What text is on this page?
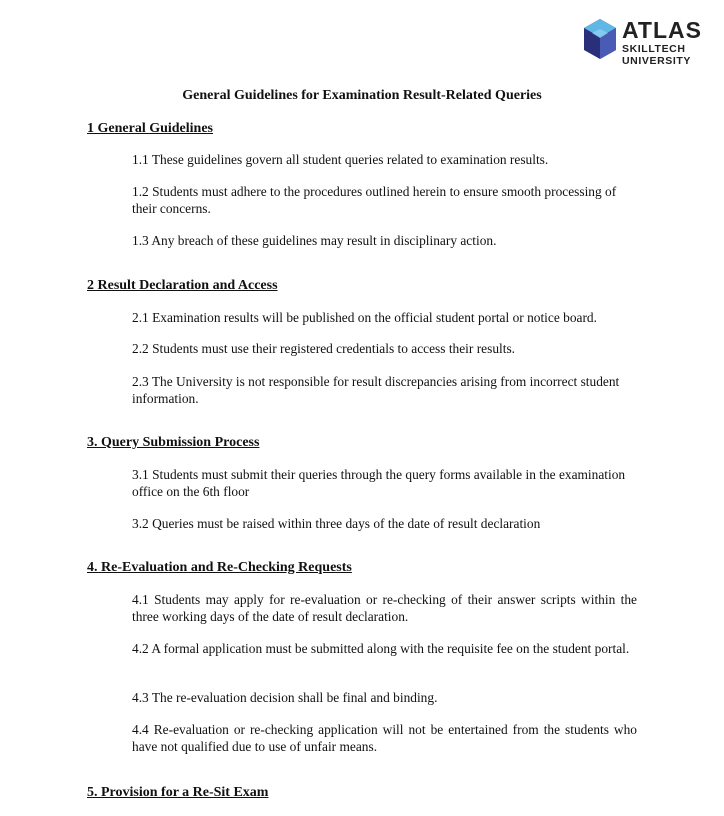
ATLAS
SKILLTECH
UNIVERSITY
General Guidelines for Examination Result-Related Queries
1 General Guidelines

1.1 These guidelines govern all student queries related to examination results.

1.2 Students must adhere to the procedures outlined herein to ensure smooth processing of their concerns.

1.3 Any breach of these guidelines may result in disciplinary action.

2 Result Declaration and Access

2.1 Examination results will be published on the official student portal or notice board.

2.2 Students must use their registered credentials to access their results.

2.3 The University is not responsible for result discrepancies arising from incorrect student information.

3. Query Submission Process

3.1 Students must submit their queries through the query forms available in the examination office on the 6th floor

3.2 Queries must be raised within three days of the date of result declaration

4. Re-Evaluation and Re-Checking Requests

4.1 Students may apply for re-evaluation or re-checking of their answer scripts within the three working days of the date of result declaration.

4.2 A formal application must be submitted along with the requisite fee on the student portal.

4.3 The re-evaluation decision shall be final and binding.

4.4 Re-evaluation or re-checking application will not be entertained from the students who have not qualified due to use of unfair means.

5. Provision for a Re-Sit Exam
